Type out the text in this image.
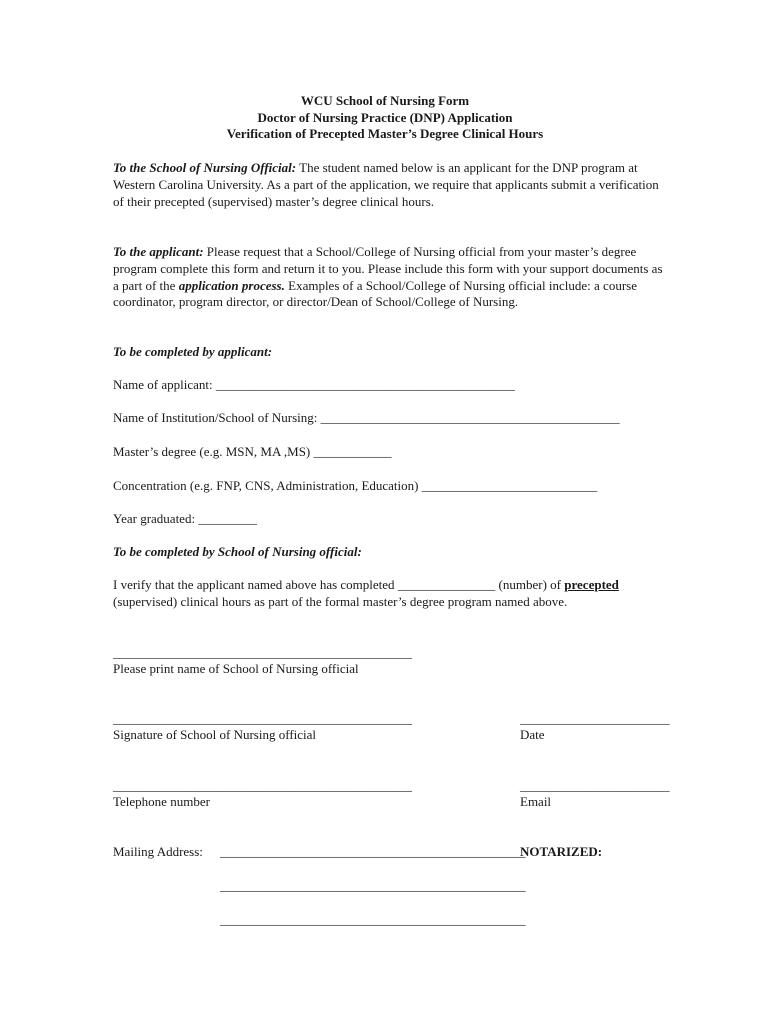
WCU School of Nursing Form
Doctor of Nursing Practice (DNP) Application
Verification of Precepted Master’s Degree Clinical Hours
To the School of Nursing Official: The student named below is an applicant for the DNP program at Western Carolina University. As a part of the application, we require that applicants submit a verification of their precepted (supervised) master’s degree clinical hours.
To the applicant: Please request that a School/College of Nursing official from your master’s degree program complete this form and return it to you. Please include this form with your support documents as a part of the application process. Examples of a School/College of Nursing official include: a course coordinator, program director, or director/Dean of School/College of Nursing.
To be completed by applicant:
Name of applicant: ______________________________________________
Name of Institution/School of Nursing: ______________________________________________
Master’s degree (e.g. MSN, MA ,MS) ____________
Concentration (e.g. FNP, CNS, Administration, Education) ___________________________
Year graduated: _________
To be completed by School of Nursing official:
I verify that the applicant named above has completed _______________ (number) of precepted (supervised) clinical hours as part of the formal master’s degree program named above.
______________________________________________
Please print name of School of Nursing official
______________________________________________
Signature of School of Nursing official
_______________________
Date
______________________________________________
Telephone number
_______________________
Email
Mailing Address: _______________________________________________
NOTARIZED:
_______________________________________________
_______________________________________________
